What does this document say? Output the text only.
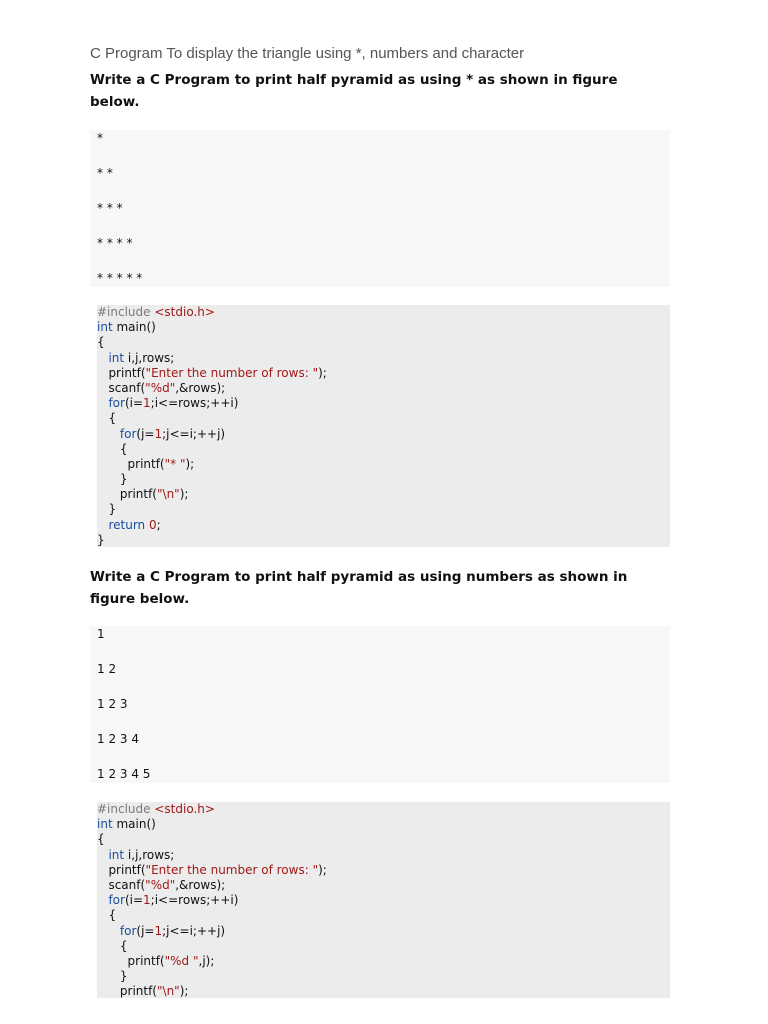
C Program To display the triangle using *, numbers and character
Write a C Program to print half pyramid as using * as shown in figure below.
*
* *
* * *
* * * *
* * * * *
#include <stdio.h>
int main()
{
int i,j,rows;
printf("Enter the number of rows: ");
scanf("%d",&rows);
for(i=1;i<=rows;++i)
{
for(j=1;j<=i;++j)
{
printf("* ");
}
printf("\n");
}
return 0;
}
Write a C Program to print half pyramid as using numbers as shown in figure below.
1
1 2
1 2 3
1 2 3 4
1 2 3 4 5
#include <stdio.h>
int main()
{
int i,j,rows;
printf("Enter the number of rows: ");
scanf("%d",&rows);
for(i=1;i<=rows;++i)
{
for(j=1;j<=i;++j)
{
printf("%d ",j);
}
printf("\n");
